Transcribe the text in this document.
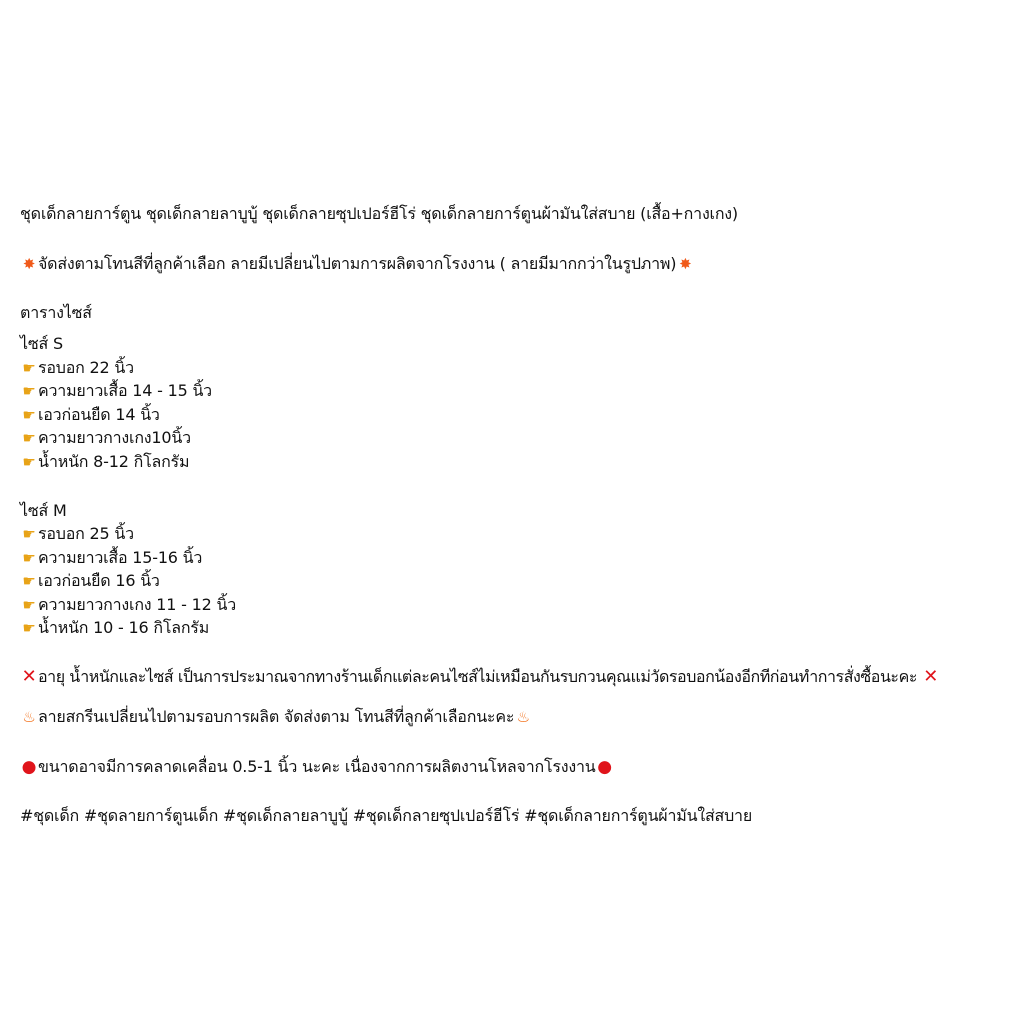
ชุดเด็กลายการ์ตูน ชุดเด็กลายลาบูบู้ ชุดเด็กลายซุปเปอร์ฮีโร่ ชุดเด็กลายการ์ตูนผ้ามันใส่สบาย (เสื้อ+กางเกง)
✸ จัดส่งตามโทนสีที่ลูกค้าเลือก ลายมีเปลี่ยนไปตามการผลิตจากโรงงาน ( ลายมีมากกว่าในรูปภาพ) ✸
ตารางไซส์
ไซส์ S
☛ รอบอก 22 นิ้ว
☛ ความยาวเสื้อ 14 - 15 นิ้ว
☛ เอวก่อนยืด 14 นิ้ว
☛ ความยาวกางเกง10นิ้ว
☛ น้ำหนัก 8-12 กิโลกรัม
ไซส์ M
☛ รอบอก 25 นิ้ว
☛ ความยาวเสื้อ 15-16 นิ้ว
☛ เอวก่อนยืด 16 นิ้ว
☛ ความยาวกางเกง 11 - 12 นิ้ว
☛ น้ำหนัก 10 - 16 กิโลกรัม
✕ อายุ น้ำหนักและไซส์ เป็นการประมาณจากทางร้านเด็กแต่ละคนไซส์ไม่เหมือนกันรบกวนคุณแม่วัดรอบอกน้องอีกทีก่อนทำการสั่งซื้อนะคะ ✕
♨ ลายสกรีนเปลี่ยนไปตามรอบการผลิต จัดส่งตาม โทนสีที่ลูกค้าเลือกนะคะ ♨
● ขนาดอาจมีการคลาดเคลื่อน 0.5-1 นิ้ว นะคะ เนื่องจากการผลิตงานโหลจากโรงงาน●
#ชุดเด็ก #ชุดลายการ์ตูนเด็ก #ชุดเด็กลายลาบูบู้ #ชุดเด็กลายซุปเปอร์ฮีโร่ #ชุดเด็กลายการ์ตูนผ้ามันใส่สบาย
